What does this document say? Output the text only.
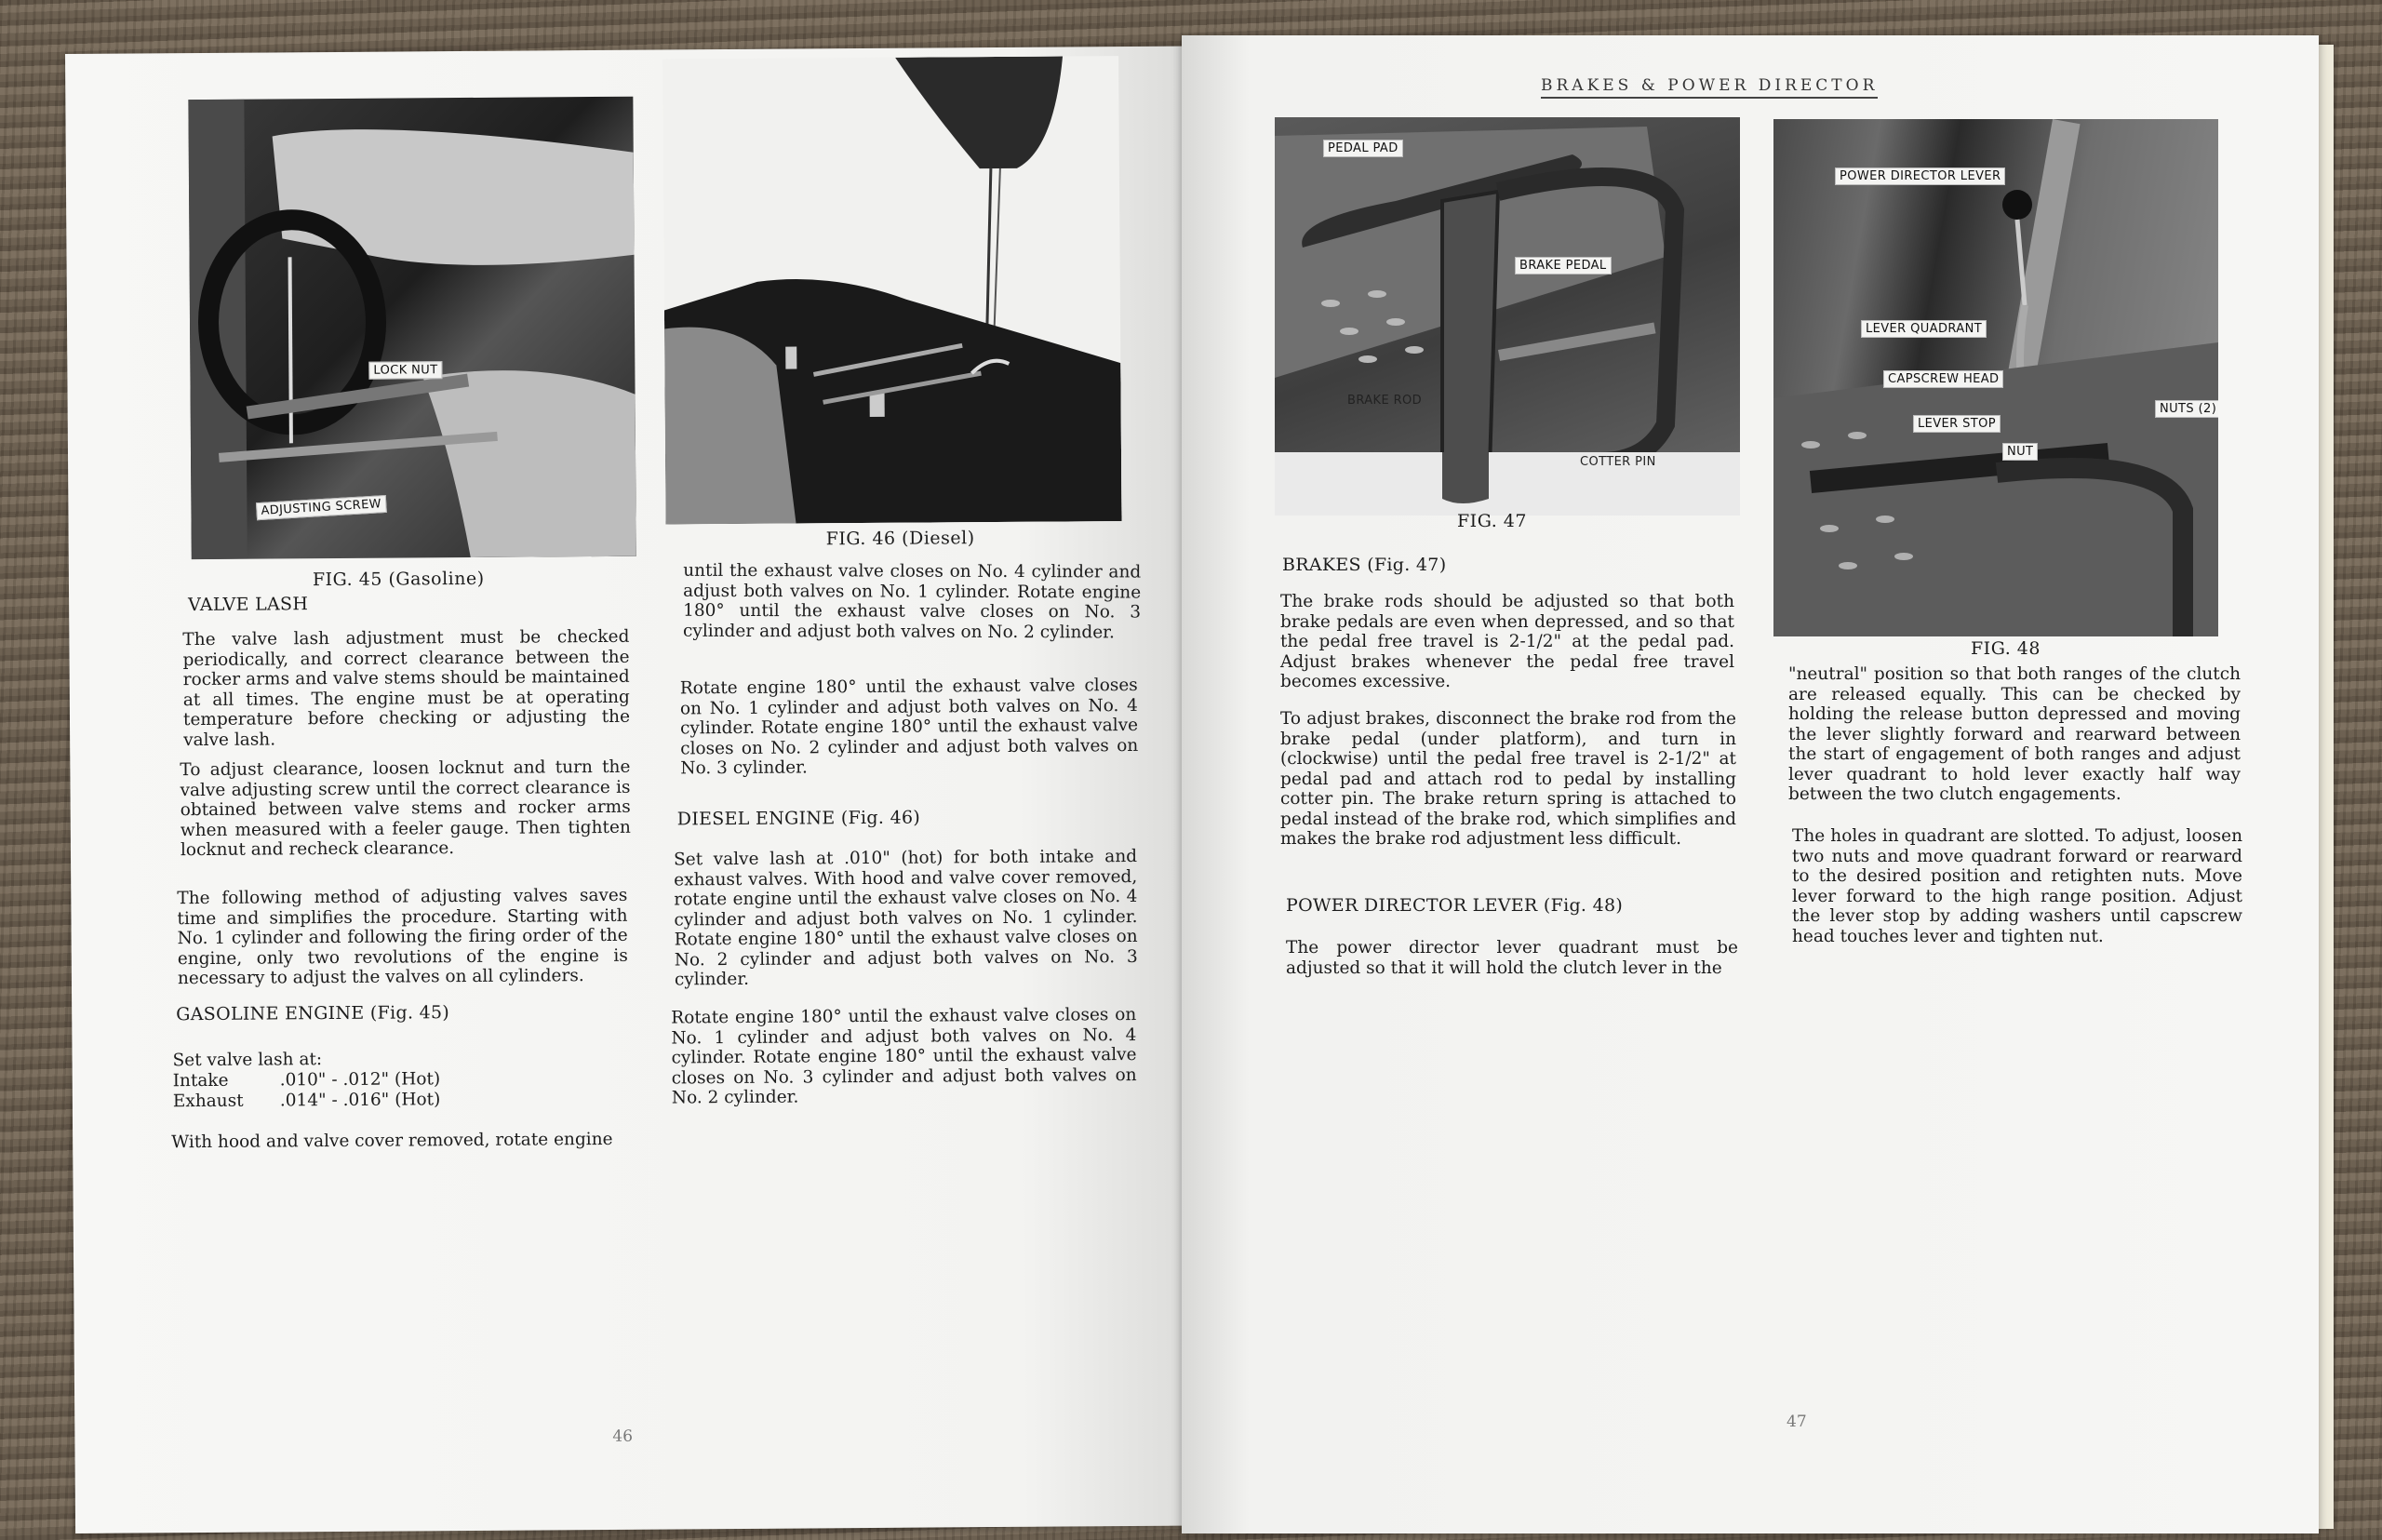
LOCK NUT
ADJUSTING SCREW
FIG. 45 (Gasoline)
FIG. 46 (Diesel)
VALVE LASH
The valve lash adjustment must be checked periodically, and correct clearance between the rocker arms and valve stems should be maintained at all times. The engine must be at operating temperature before checking or adjusting the valve lash.
To adjust clearance, loosen locknut and turn the valve adjusting screw until the correct clearance is obtained between valve stems and rocker arms when measured with a feeler gauge. Then tighten locknut and recheck clearance.
The following method of adjusting valves saves time and simplifies the procedure. Starting with No. 1 cylinder and following the firing order of the engine, only two revolutions of the engine is necessary to adjust the valves on all cylinders.
GASOLINE ENGINE (Fig. 45)
Set valve lash at:
Intake	.010" - .012" (Hot)
Exhaust	.014" - .016" (Hot)
With hood and valve cover removed, rotate engine
until the exhaust valve closes on No. 4 cylinder and adjust both valves on No. 1 cylinder. Rotate engine 180° until the exhaust valve closes on No. 3 cylinder and adjust both valves on No. 2 cylinder.
Rotate engine 180° until the exhaust valve closes on No. 1 cylinder and adjust both valves on No. 4 cylinder. Rotate engine 180° until the exhaust valve closes on No. 2 cylinder and adjust both valves on No. 3 cylinder.
DIESEL ENGINE (Fig. 46)
Set valve lash at .010" (hot) for both intake and exhaust valves. With hood and valve cover removed, rotate engine until the exhaust valve closes on No. 4 cylinder and adjust both valves on No. 1 cylinder. Rotate engine 180° until the exhaust valve closes on No. 2 cylinder and adjust both valves on No. 3 cylinder.
Rotate engine 180° until the exhaust valve closes on No. 1 cylinder and adjust both valves on No. 4 cylinder. Rotate engine 180° until the exhaust valve closes on No. 3 cylinder and adjust both valves on No. 2 cylinder.
46
BRAKES & POWER DIRECTOR
PEDAL PAD
BRAKE PEDAL
BRAKE ROD
COTTER PIN
FIG. 47
POWER DIRECTOR LEVER
LEVER QUADRANT
CAPSCREW HEAD
LEVER STOP
NUT
NUTS (2)
FIG. 48
BRAKES (Fig. 47)
The brake rods should be adjusted so that both brake pedals are even when depressed, and so that the pedal free travel is 2-1/2" at the pedal pad. Adjust brakes whenever the pedal free travel becomes excessive.
To adjust brakes, disconnect the brake rod from the brake pedal (under platform), and turn in (clockwise) until the pedal free travel is 2-1/2" at pedal pad and attach rod to pedal by installing cotter pin. The brake return spring is attached to pedal instead of the brake rod, which simplifies and makes the brake rod adjustment less difficult.
POWER DIRECTOR LEVER (Fig. 48)
The power director lever quadrant must be adjusted so that it will hold the clutch lever in the
"neutral" position so that both ranges of the clutch are released equally. This can be checked by holding the release button depressed and moving the lever slightly forward and rearward between the start of engagement of both ranges and adjust lever quadrant to hold lever exactly half way between the two clutch engagements.
The holes in quadrant are slotted. To adjust, loosen two nuts and move quadrant forward or rearward to the desired position and retighten nuts. Move lever forward to the high range position. Adjust the lever stop by adding washers until capscrew head touches lever and tighten nut.
47
